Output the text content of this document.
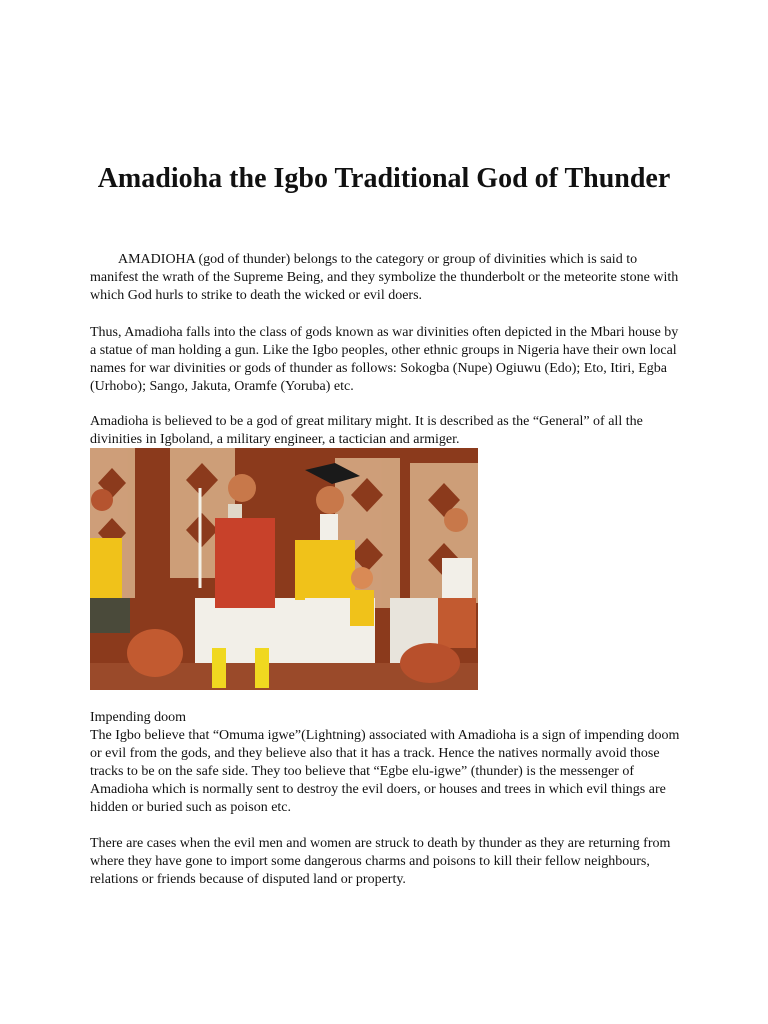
Amadioha the Igbo Traditional God of Thunder

AMADIOHA (god of thunder) belongs to the category or group of divinities which is said to manifest the wrath of the Supreme Being, and they symbolize the thunderbolt or the meteorite stone with which God hurls to strike to death the wicked or evil doers.

Thus, Amadioha falls into the class of gods known as war divinities often depicted in the Mbari house by a statue of man holding a gun. Like the Igbo peoples, other ethnic groups in Nigeria have their own local names for war divinities or gods of thunder as follows: Sokogba (Nupe) Ogiuwu (Edo); Eto, Itiri, Egba (Urhobo); Sango, Jakuta, Oramfe (Yoruba) etc.

Amadioha is believed to be a god of great military might. It is described as the “General” of all the divinities in Igboland, a military engineer, a tactician and armiger.

Impending doom

The Igbo believe that “Omuma igwe”(Lightning) associated with Amadioha is a sign of impending doom or evil from the gods, and they believe also that it has a track. Hence the natives normally avoid those tracks to be on the safe side. They too believe that “Egbe elu-igwe” (thunder) is the messenger of Amadioha which is normally sent to destroy the evil doers, or houses and trees in which evil things are hidden or buried such as poison etc.

There are cases when the evil men and women are struck to death by thunder as they are returning from where they have gone to import some dangerous charms and poisons to kill their fellow neighbours, relations or friends because of disputed land or property.
